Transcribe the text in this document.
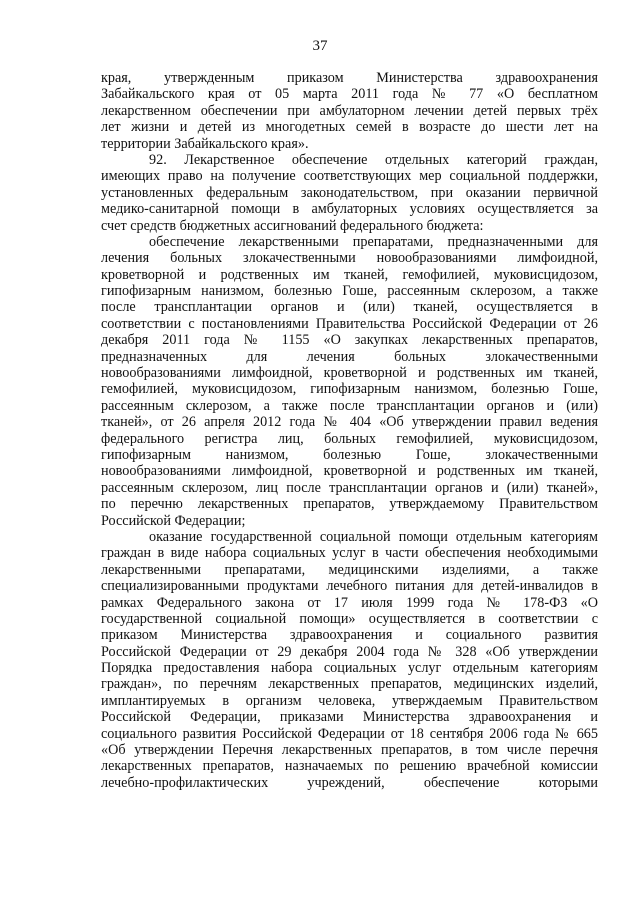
37
края, утвержденным приказом Министерства здравоохранения
Забайкальского края от 05 марта 2011 года № 77 «О бесплатном
лекарственном обеспечении при амбулаторном лечении детей первых трёх
лет жизни и детей из многодетных семей в возрасте до шести лет на
территории Забайкальского края».
92. Лекарственное обеспечение отдельных категорий граждан,
имеющих право на получение соответствующих мер социальной поддержки,
установленных федеральным законодательством, при оказании первичной
медико-санитарной помощи в амбулаторных условиях осуществляется за
счет средств бюджетных ассигнований федерального бюджета:
обеспечение лекарственными препаратами, предназначенными для
лечения больных злокачественными новообразованиями лимфоидной,
кроветворной и родственных им тканей, гемофилией, муковисцидозом,
гипофизарным нанизмом, болезнью Гоше, рассеянным склерозом, а также
после трансплантации органов и (или) тканей, осуществляется в
соответствии с постановлениями Правительства Российской Федерации от 26
декабря 2011 года № 1155 «О закупках лекарственных препаратов,
предназначенных для лечения больных злокачественными
новообразованиями лимфоидной, кроветворной и родственных им тканей,
гемофилией, муковисцидозом, гипофизарным нанизмом, болезнью Гоше,
рассеянным склерозом, а также после трансплантации органов и (или)
тканей», от 26 апреля 2012 года № 404 «Об утверждении правил ведения
федерального регистра лиц, больных гемофилией, муковисцидозом,
гипофизарным нанизмом, болезнью Гоше, злокачественными
новообразованиями лимфоидной, кроветворной и родственных им тканей,
рассеянным склерозом, лиц после трансплантации органов и (или) тканей»,
по перечню лекарственных препаратов, утверждаемому Правительством
Российской Федерации;
оказание государственной социальной помощи отдельным категориям
граждан в виде набора социальных услуг в части обеспечения необходимыми
лекарственными препаратами, медицинскими изделиями, а также
специализированными продуктами лечебного питания для детей-инвалидов в
рамках Федерального закона от 17 июля 1999 года № 178-ФЗ «О
государственной социальной помощи» осуществляется в соответствии с
приказом Министерства здравоохранения и социального развития
Российской Федерации от 29 декабря 2004 года № 328 «Об утверждении
Порядка предоставления набора социальных услуг отдельным категориям
граждан», по перечням лекарственных препаратов, медицинских изделий,
имплантируемых в организм человека, утверждаемым Правительством
Российской Федерации, приказами Министерства здравоохранения и
социального развития Российской Федерации от 18 сентября 2006 года № 665
«Об утверждении Перечня лекарственных препаратов, в том числе перечня
лекарственных препаратов, назначаемых по решению врачебной комиссии
лечебно-профилактических учреждений, обеспечение которыми
